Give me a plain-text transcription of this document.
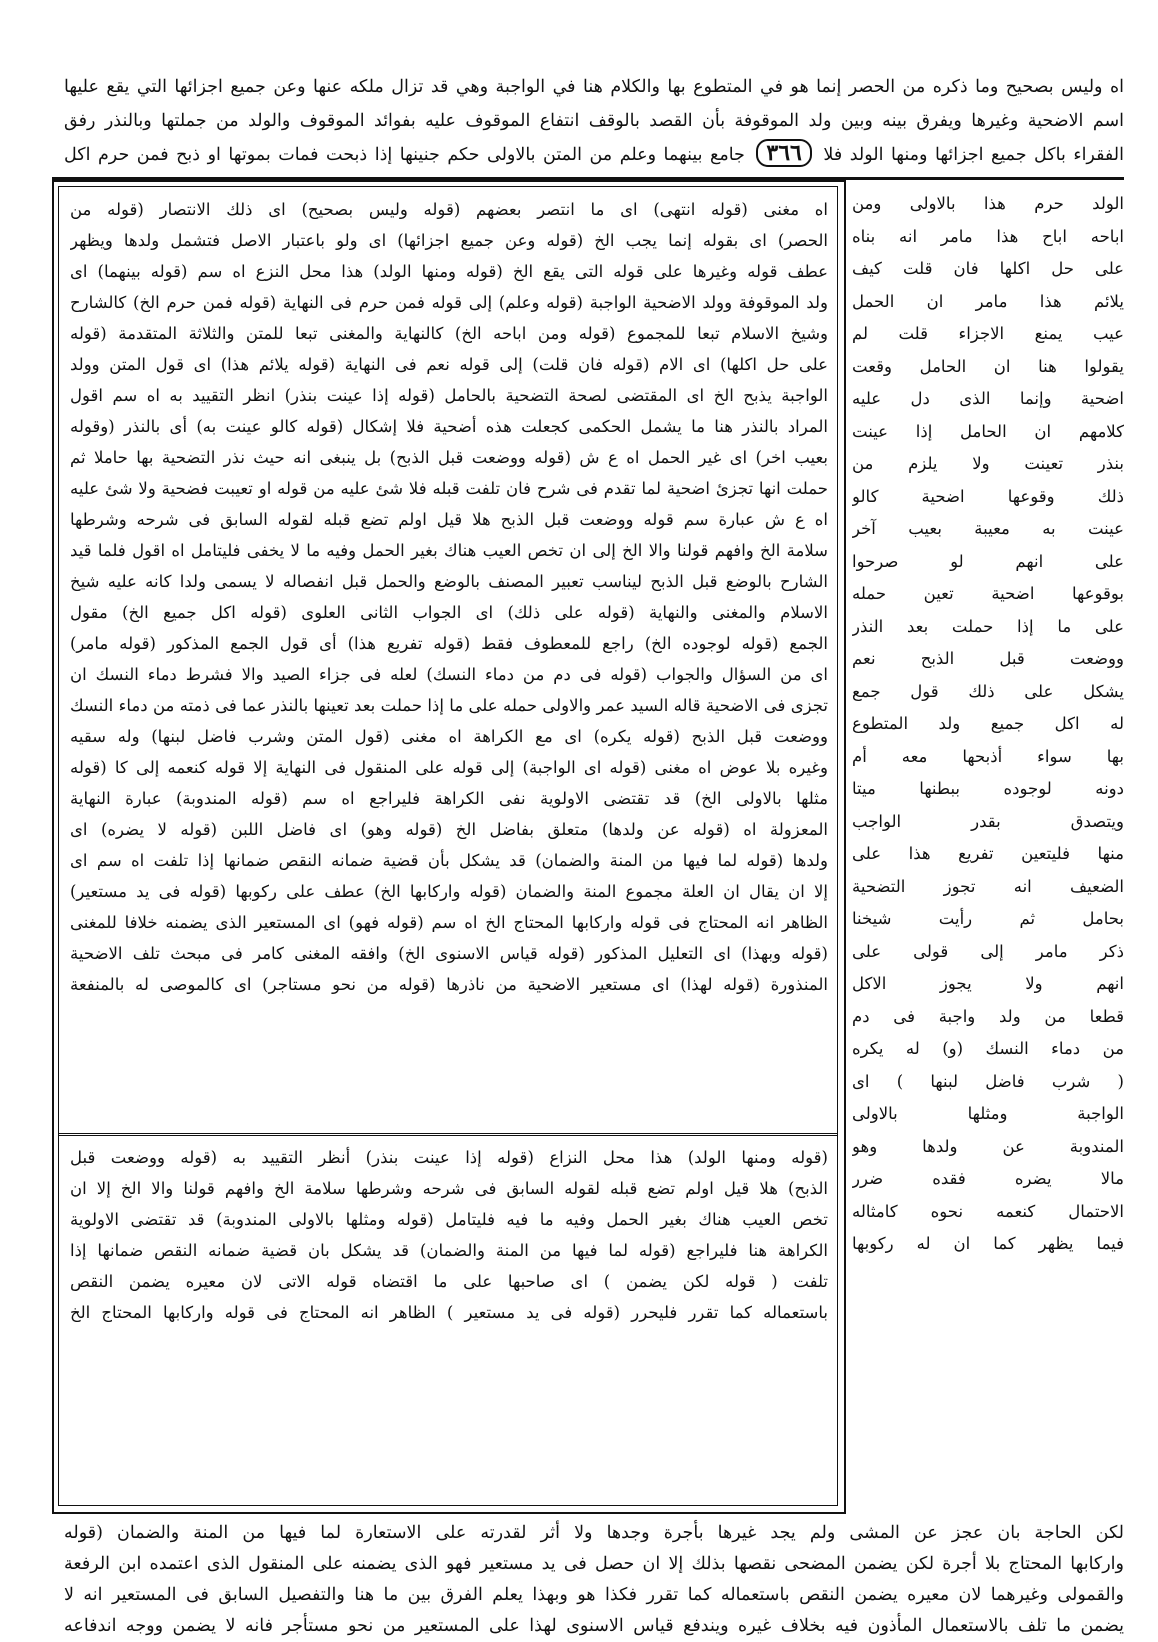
اه وليس بصحيح وما ذكره من الحصر إنما هو في المتطوع بها والكلام هنا في الواجبة وهي قد تزال ملكه عنها وعن جميع اجزائها التي يقع عليها
اسم الاضحية وغيرها ويفرق بينه وبين ولد الموقوفة بأن القصد بالوقف انتفاع الموقوف عليه بفوائد الموقوف والولد من جملتها وبالنذر رفق
الفقراء باكل جميع اجزائها ومنها الولد فلا ٣٦٦ جامع بينهما وعلم من المتن بالاولى حكم جنينها إذا ذبحت فمات بموتها او ذبح فمن حرم اكل
اه مغنى (قوله انتهى) اى ما انتصر بعضهم (قوله وليس بصحيح) اى ذلك الانتصار (قوله من
الحصر) اى بقوله إنما يجب الخ (قوله وعن جميع اجزائها) اى ولو باعتبار الاصل فتشمل ولدها ويظهر
عطف قوله وغيرها على قوله التى يقع الخ (قوله ومنها الولد) هذا محل النزع اه سم (قوله بينهما) اى
ولد الموقوفة وولد الاضحية الواجبة (قوله وعلم) إلى قوله فمن حرم فى النهاية (قوله فمن حرم الخ) كالشارح
وشيخ الاسلام تبعا للمجموع (قوله ومن اباحه الخ) كالنهاية والمغنى تبعا للمتن والثلاثة المتقدمة (قوله
على حل اكلها) اى الام (قوله فان قلت) إلى قوله نعم فى النهاية (قوله يلائم هذا) اى قول المتن وولد
الواجبة يذبح الخ اى المقتضى لصحة التضحية بالحامل (قوله إذا عينت بنذر) انظر التقييد به اه سم اقول
المراد بالنذر هنا ما يشمل الحكمى كجعلت هذه أضحية فلا إشكال (قوله كالو عينت به) أى بالنذر (وقوله
بعيب اخر) اى غير الحمل اه ع ش (قوله ووضعت قبل الذبح) بل ينبغى انه حيث نذر التضحية بها حاملا ثم
حملت انها تجزئ اضحية لما تقدم فى شرح فان تلفت قبله فلا شئ عليه من قوله او تعيبت فضحية ولا شئ عليه
اه ع ش عبارة سم قوله ووضعت قبل الذبح هلا قيل اولم تضع قبله لقوله السابق فى شرحه وشرطها
سلامة الخ وافهم قولنا والا الخ إلى ان تخص العيب هناك بغير الحمل وفيه ما لا يخفى فليتامل اه اقول فلما قيد
الشارح بالوضع قبل الذبح ليناسب تعبير المصنف بالوضع والحمل قبل انفصاله لا يسمى ولدا كانه عليه شيخ
الاسلام والمغنى والنهاية (قوله على ذلك) اى الجواب الثانى العلوى (قوله اكل جميع الخ) مقول
الجمع (قوله لوجوده الخ) راجع للمعطوف فقط (قوله تفريع هذا) أى قول الجمع المذكور (قوله مامر)
اى من السؤال والجواب (قوله فى دم من دماء النسك) لعله فى جزاء الصيد والا فشرط دماء النسك ان
تجزى فى الاضحية قاله السيد عمر والاولى حمله على ما إذا حملت بعد تعينها بالنذر عما فى ذمته من دماء النسك
ووضعت قبل الذبح (قوله يكره) اى مع الكراهة اه مغنى (قول المتن وشرب فاضل لبنها) وله سقيه
وغيره بلا عوض اه مغنى (قوله اى الواجبة) إلى قوله على المنقول فى النهاية إلا قوله كنعمه إلى كا (قوله
مثلها بالاولى الخ) قد تقتضى الاولوية نفى الكراهة فليراجع اه سم (قوله المندوبة) عبارة النهاية
المعزولة اه (قوله عن ولدها) متعلق بفاضل الخ (قوله وهو) اى فاضل اللبن (قوله لا يضره) اى
ولدها (قوله لما فيها من المنة والضمان) قد يشكل بأن قضية ضمانه النقص ضمانها إذا تلفت اه سم اى
إلا ان يقال ان العلة مجموع المنة والضمان (قوله واركابها الخ) عطف على ركوبها (قوله فى يد مستعير)
الظاهر انه المحتاج فى قوله واركابها المحتاج الخ اه سم (قوله فهو) اى المستعير الذى يضمنه خلافا للمغنى
(قوله وبهذا) اى التعليل المذكور (قوله قياس الاسنوى الخ) وافقه المغنى كامر فى مبحث تلف الاضحية
المنذورة (قوله لهذا) اى مستعير الاضحية من ناذرها (قوله من نحو مستاجر) اى كالموصى له بالمنفعة
(قوله ومنها الولد) هذا محل النزاع (قوله إذا عينت بنذر) أنظر التقييد به (قوله ووضعت قبل
الذبح) هلا قيل اولم تضع قبله لقوله السابق فى شرحه وشرطها سلامة الخ وافهم قولنا والا الخ إلا ان
تخص العيب هناك بغير الحمل وفيه ما فيه فليتامل (قوله ومثلها بالاولى المندوبة) قد تقتضى الاولوية
الكراهة هنا فليراجع (قوله لما فيها من المنة والضمان) قد يشكل بان قضية ضمانه النقص ضمانها إذا
تلفت ( قوله لكن يضمن ) اى صاحبها على ما اقتضاه قوله الاتى لان معيره يضمن النقص
باستعماله كما تقرر فليحرر (قوله فى يد مستعير ) الظاهر انه المحتاج فى قوله واركابها المحتاج الخ
الولد حرم هذا بالاولى ومن
اباحه اباح هذا مامر انه بناه
على حل اكلها فان قلت كيف
يلائم هذا مامر ان الحمل
عيب يمنع الاجزاء قلت لم
يقولوا هنا ان الحامل وقعت
اضحية وإنما الذى دل عليه
كلامهم ان الحامل إذا عينت
بنذر تعينت ولا يلزم من
ذلك وقوعها اضحية كالو
عينت به معيبة بعيب آخر
على انهم لو صرحوا
بوقوعها اضحية تعين حمله
على ما إذا حملت بعد النذر
ووضعت قبل الذبح نعم
يشكل على ذلك قول جمع
له اكل جميع ولد المتطوع
بها سواء أذبحها معه أم
دونه لوجوده ببطنها ميتا
ويتصدق بقدر الواجب
منها فليتعين تفريع هذا على
الضعيف انه تجوز التضحية
بحامل ثم رأيت شيخنا
ذكر مامر إلى قولى على
انهم ولا يجوز الاكل
قطعا من ولد واجبة فى دم
من دماء النسك (و) له يكره
( شرب فاضل لبنها ) اى
الواجبة ومثلها بالاولى
المندوبة عن ولدها وهو
مالا يضره فقده ضرر
الاحتمال كنعمه نحوه كامثاله
فيما يظهر كما ان له ركوبها
لكن الحاجة بان عجز عن المشى ولم يجد غيرها بأجرة وجدها ولا أثر لقدرته على الاستعارة لما فيها من المنة والضمان (قوله
واركابها المحتاج بلا أجرة لكن يضمن المضحى نقصها بذلك إلا ان حصل فى يد مستعير فهو الذى يضمنه على المنقول الذى اعتمده ابن الرفعة
والقمولى وغيرهما لان معيره يضمن النقص باستعماله كما تقرر فكذا هو وبهذا يعلم الفرق بين ما هنا والتفصيل السابق فى المستعير انه لا
يضمن ما تلف بالاستعمال المأذون فيه بخلاف غيره ويندفع قياس الاسنوى لهذا على المستعير من نحو مستأجر فانه لا يضمن ووجه اندفاعه
